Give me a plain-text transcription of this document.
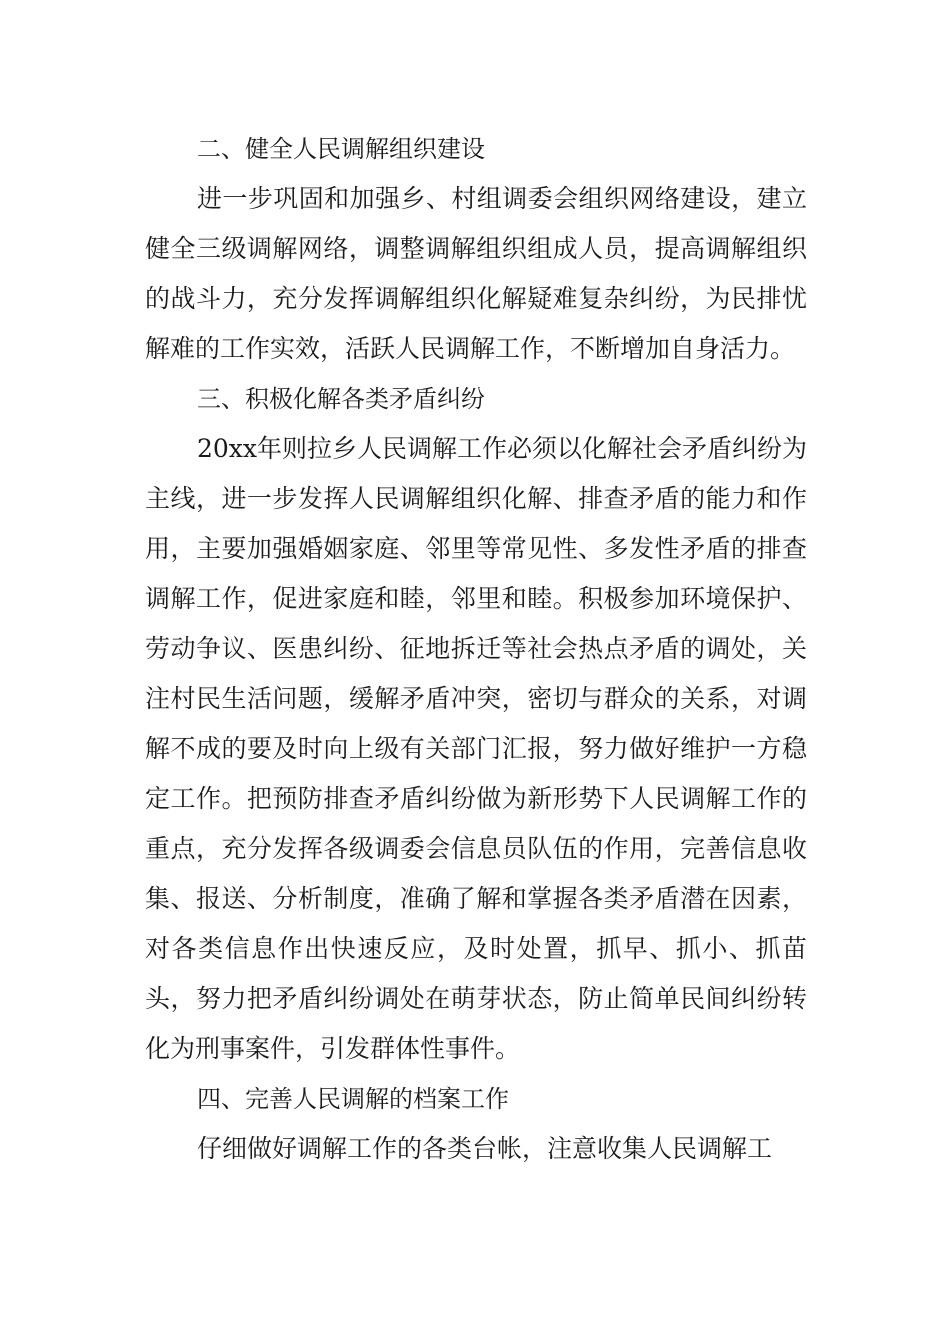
二、健全人民调解组织建设

进一步巩固和加强乡、村组调委会组织网络建设，建立健全三级调解网络，调整调解组织组成人员，提高调解组织的战斗力，充分发挥调解组织化解疑难复杂纠纷，为民排忧解难的工作实效，活跃人民调解工作，不断增加自身活力。

三、积极化解各类矛盾纠纷

20xx年则拉乡人民调解工作必须以化解社会矛盾纠纷为主线，进一步发挥人民调解组织化解、排查矛盾的能力和作用，主要加强婚姻家庭、邻里等常见性、多发性矛盾的排查调解工作，促进家庭和睦，邻里和睦。积极参加环境保护、劳动争议、医患纠纷、征地拆迁等社会热点矛盾的调处，关注村民生活问题，缓解矛盾冲突，密切与群众的关系，对调解不成的要及时向上级有关部门汇报，努力做好维护一方稳定工作。把预防排查矛盾纠纷做为新形势下人民调解工作的重点，充分发挥各级调委会信息员队伍的作用，完善信息收集、报送、分析制度，准确了解和掌握各类矛盾潜在因素，对各类信息作出快速反应，及时处置，抓早、抓小、抓苗头，努力把矛盾纠纷调处在萌芽状态，防止简单民间纠纷转化为刑事案件，引发群体性事件。

四、完善人民调解的档案工作

仔细做好调解工作的各类台帐，注意收集人民调解工
